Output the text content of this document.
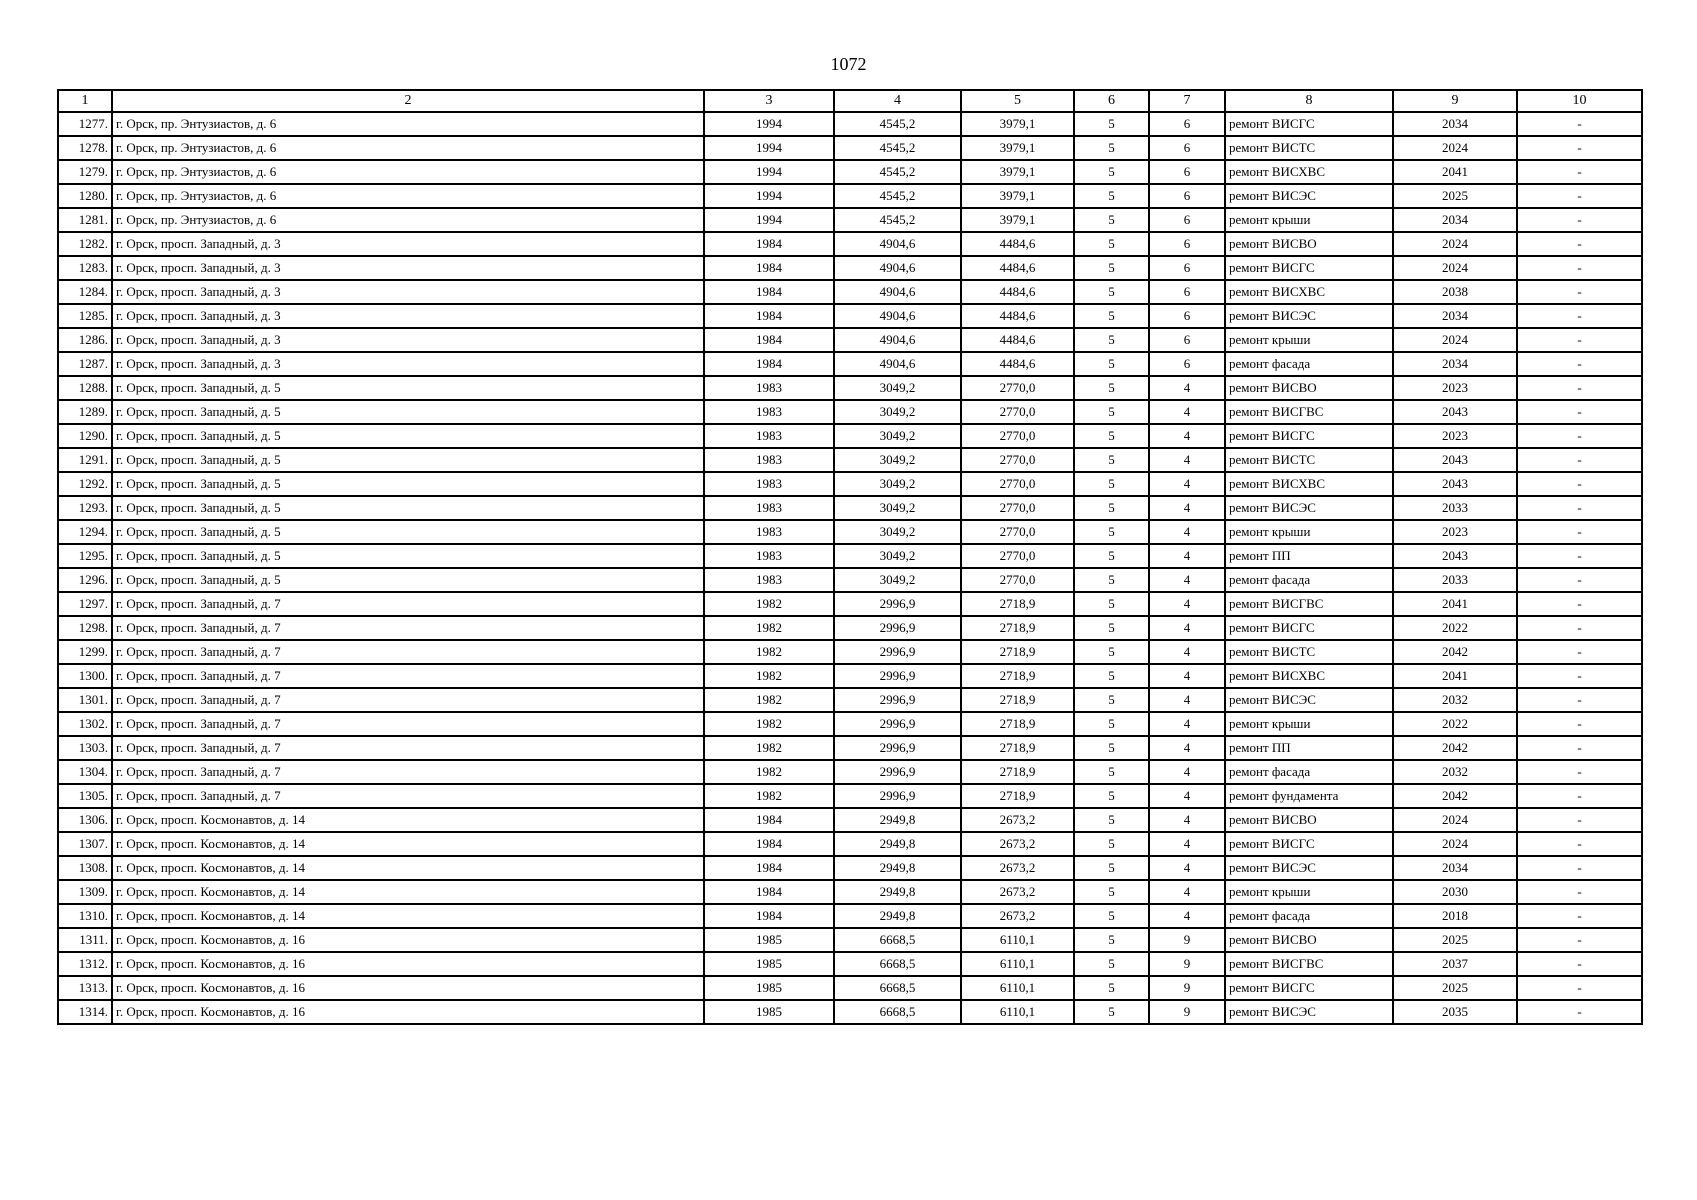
1072
1	2	3	4	5	6	7	8	9	10
1277.	г. Орск, пр. Энтузиастов, д. 6	1994	4545,2	3979,1	5	6	ремонт ВИСГС	2034	-
1278.	г. Орск, пр. Энтузиастов, д. 6	1994	4545,2	3979,1	5	6	ремонт ВИСТС	2024	-
1279.	г. Орск, пр. Энтузиастов, д. 6	1994	4545,2	3979,1	5	6	ремонт ВИСХВС	2041	-
1280.	г. Орск, пр. Энтузиастов, д. 6	1994	4545,2	3979,1	5	6	ремонт ВИСЭС	2025	-
1281.	г. Орск, пр. Энтузиастов, д. 6	1994	4545,2	3979,1	5	6	ремонт крыши	2034	-
1282.	г. Орск, просп. Западный, д. 3	1984	4904,6	4484,6	5	6	ремонт ВИСВО	2024	-
1283.	г. Орск, просп. Западный, д. 3	1984	4904,6	4484,6	5	6	ремонт ВИСГС	2024	-
1284.	г. Орск, просп. Западный, д. 3	1984	4904,6	4484,6	5	6	ремонт ВИСХВС	2038	-
1285.	г. Орск, просп. Западный, д. 3	1984	4904,6	4484,6	5	6	ремонт ВИСЭС	2034	-
1286.	г. Орск, просп. Западный, д. 3	1984	4904,6	4484,6	5	6	ремонт крыши	2024	-
1287.	г. Орск, просп. Западный, д. 3	1984	4904,6	4484,6	5	6	ремонт фасада	2034	-
1288.	г. Орск, просп. Западный, д. 5	1983	3049,2	2770,0	5	4	ремонт ВИСВО	2023	-
1289.	г. Орск, просп. Западный, д. 5	1983	3049,2	2770,0	5	4	ремонт ВИСГВС	2043	-
1290.	г. Орск, просп. Западный, д. 5	1983	3049,2	2770,0	5	4	ремонт ВИСГС	2023	-
1291.	г. Орск, просп. Западный, д. 5	1983	3049,2	2770,0	5	4	ремонт ВИСТС	2043	-
1292.	г. Орск, просп. Западный, д. 5	1983	3049,2	2770,0	5	4	ремонт ВИСХВС	2043	-
1293.	г. Орск, просп. Западный, д. 5	1983	3049,2	2770,0	5	4	ремонт ВИСЭС	2033	-
1294.	г. Орск, просп. Западный, д. 5	1983	3049,2	2770,0	5	4	ремонт крыши	2023	-
1295.	г. Орск, просп. Западный, д. 5	1983	3049,2	2770,0	5	4	ремонт ПП	2043	-
1296.	г. Орск, просп. Западный, д. 5	1983	3049,2	2770,0	5	4	ремонт фасада	2033	-
1297.	г. Орск, просп. Западный, д. 7	1982	2996,9	2718,9	5	4	ремонт ВИСГВС	2041	-
1298.	г. Орск, просп. Западный, д. 7	1982	2996,9	2718,9	5	4	ремонт ВИСГС	2022	-
1299.	г. Орск, просп. Западный, д. 7	1982	2996,9	2718,9	5	4	ремонт ВИСТС	2042	-
1300.	г. Орск, просп. Западный, д. 7	1982	2996,9	2718,9	5	4	ремонт ВИСХВС	2041	-
1301.	г. Орск, просп. Западный, д. 7	1982	2996,9	2718,9	5	4	ремонт ВИСЭС	2032	-
1302.	г. Орск, просп. Западный, д. 7	1982	2996,9	2718,9	5	4	ремонт крыши	2022	-
1303.	г. Орск, просп. Западный, д. 7	1982	2996,9	2718,9	5	4	ремонт ПП	2042	-
1304.	г. Орск, просп. Западный, д. 7	1982	2996,9	2718,9	5	4	ремонт фасада	2032	-
1305.	г. Орск, просп. Западный, д. 7	1982	2996,9	2718,9	5	4	ремонт фундамента	2042	-
1306.	г. Орск, просп. Космонавтов, д. 14	1984	2949,8	2673,2	5	4	ремонт ВИСВО	2024	-
1307.	г. Орск, просп. Космонавтов, д. 14	1984	2949,8	2673,2	5	4	ремонт ВИСГС	2024	-
1308.	г. Орск, просп. Космонавтов, д. 14	1984	2949,8	2673,2	5	4	ремонт ВИСЭС	2034	-
1309.	г. Орск, просп. Космонавтов, д. 14	1984	2949,8	2673,2	5	4	ремонт крыши	2030	-
1310.	г. Орск, просп. Космонавтов, д. 14	1984	2949,8	2673,2	5	4	ремонт фасада	2018	-
1311.	г. Орск, просп. Космонавтов, д. 16	1985	6668,5	6110,1	5	9	ремонт ВИСВО	2025	-
1312.	г. Орск, просп. Космонавтов, д. 16	1985	6668,5	6110,1	5	9	ремонт ВИСГВС	2037	-
1313.	г. Орск, просп. Космонавтов, д. 16	1985	6668,5	6110,1	5	9	ремонт ВИСГС	2025	-
1314.	г. Орск, просп. Космонавтов, д. 16	1985	6668,5	6110,1	5	9	ремонт ВИСЭС	2035	-
